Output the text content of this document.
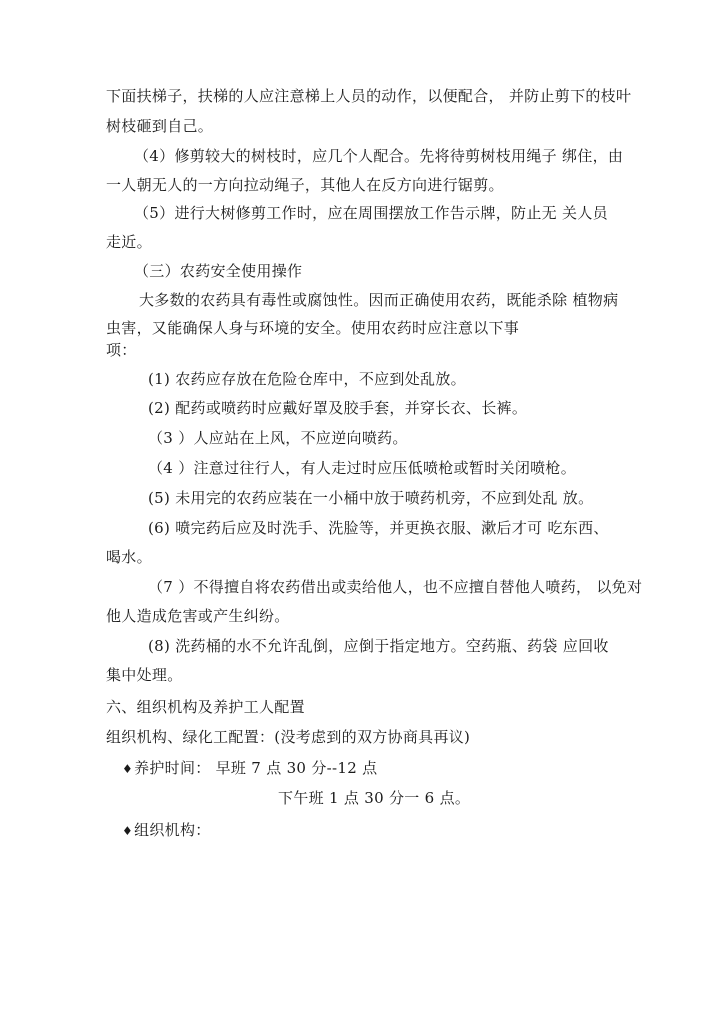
下面扶梯子，扶梯的人应注意梯上人员的动作，以便配合， 并防止剪下的枝叶
树枝砸到自己。
（4）修剪较大的树枝时，应几个人配合。先将待剪树枝用绳子 绑住，由
一人朝无人的一方向拉动绳子，其他人在反方向进行锯剪。
（5）进行大树修剪工作时，应在周围摆放工作告示牌，防止无 关人员
走近。
（三）农药安全使用操作
大多数的农药具有毒性或腐蚀性。因而正确使用农药，既能杀除 植物病
虫害，又能确保人身与环境的安全。使用农药时应注意以下事
项：
(1) 农药应存放在危险仓库中，不应到处乱放。
(2) 配药或喷药时应戴好罩及胶手套，并穿长衣、长裤。
（3 ）人应站在上风，不应逆向喷药。
（4 ）注意过往行人，有人走过时应压低喷枪或暂时关闭喷枪。
(5) 未用完的农药应装在一小桶中放于喷药机旁，不应到处乱 放。
(6) 喷完药后应及时洗手、洗脸等，并更换衣服、漱后才可 吃东西、
喝水。
（7 ）不得擅自将农药借出或卖给他人，也不应擅自替他人喷药， 以免对
他人造成危害或产生纠纷。
(8) 洗药桶的水不允许乱倒，应倒于指定地方。空药瓶、药袋 应回收
集中处理。
六、组织机构及养护工人配置
组织机构、绿化工配置：(没考虑到的双方协商具再议)
♦养护时间： 早班 7 点 30 分--12 点
下午班 1 点 30 分一 6 点。
♦组织机构：
